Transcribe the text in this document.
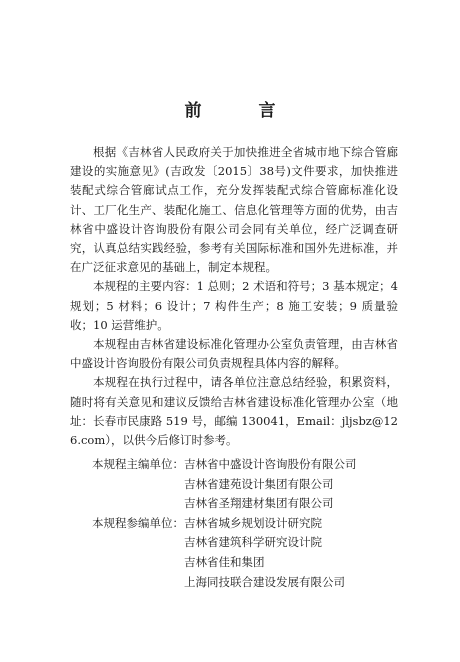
前　言

根据《吉林省人民政府关于加快推进全省城市地下综合管廊建设的实施意见》(吉政发〔2015〕38号)文件要求，加快推进装配式综合管廊试点工作，充分发挥装配式综合管廊标准化设计、工厂化生产、装配化施工、信息化管理等方面的优势，由吉林省中盛设计咨询股份有限公司会同有关单位，经广泛调查研究，认真总结实践经验，参考有关国际标准和国外先进标准，并在广泛征求意见的基础上，制定本规程。

本规程的主要内容：1 总则；2 术语和符号；3 基本规定；4 规划；5 材料；6 设计；7 构件生产；8 施工安装；9 质量验收；10 运营维护。

本规程由吉林省建设标准化管理办公室负责管理，由吉林省中盛设计咨询股份有限公司负责规程具体内容的解释。

本规程在执行过程中，请各单位注意总结经验，积累资料，随时将有关意见和建议反馈给吉林省建设标准化管理办公室（地址：长春市民康路 519 号，邮编 130041，Email：jljsbz@126.com），以供今后修订时参考。

本规程主编单位： 吉林省中盛设计咨询股份有限公司
吉林省建苑设计集团有限公司
吉林省圣翔建材集团有限公司
本规程参编单位： 吉林省城乡规划设计研究院
吉林省建筑科学研究设计院
吉林省佳和集团
上海同技联合建设发展有限公司
